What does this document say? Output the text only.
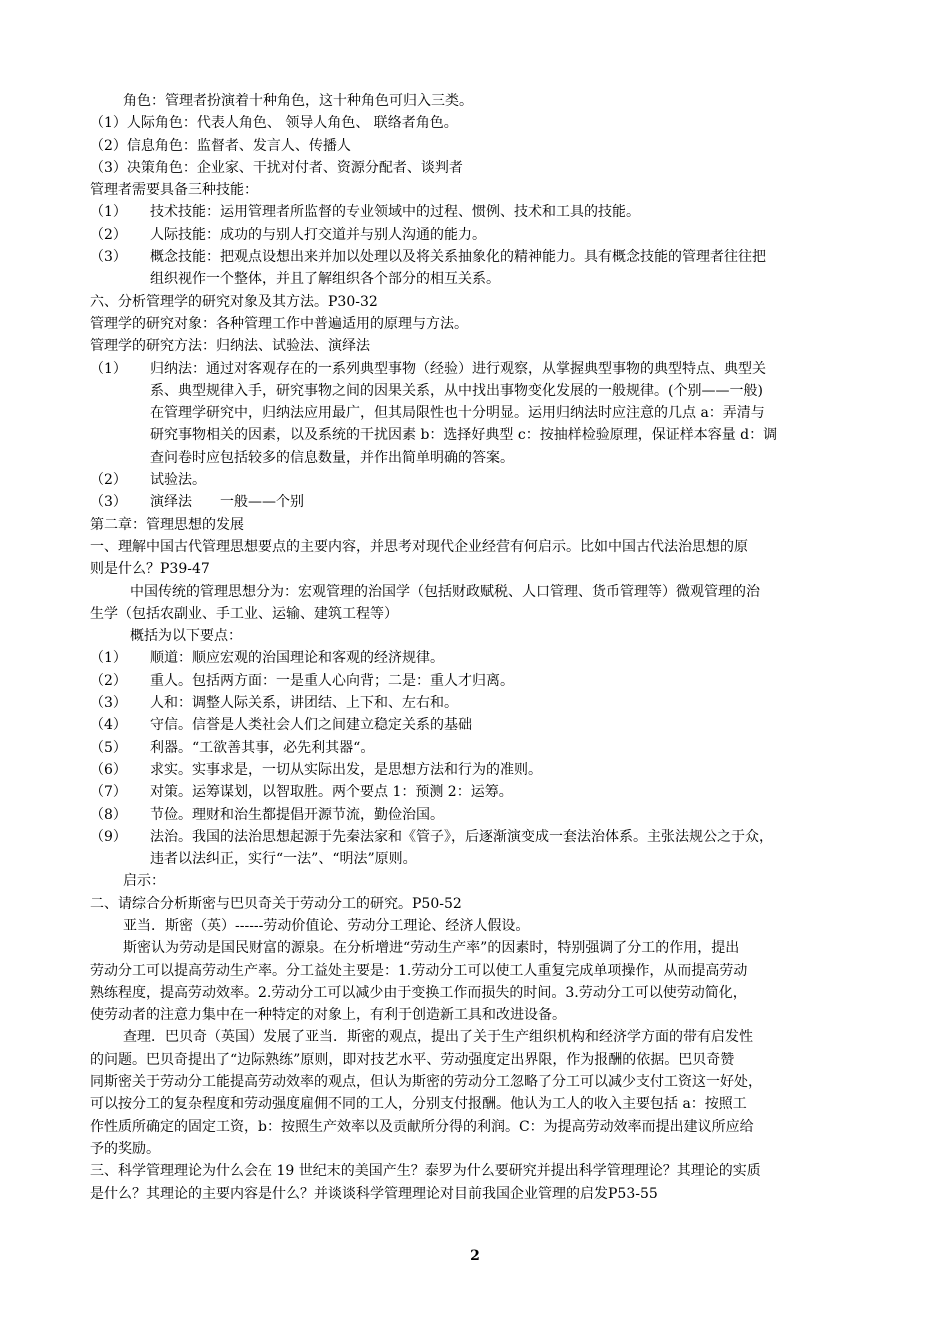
角色：管理者扮演着十种角色，这十种角色可归入三类。

（1）人际角色：代表人角色、 领导人角色、 联络者角色。

（2）信息角色：监督者、发言人、传播人

（3）决策角色：企业家、干扰对付者、资源分配者、谈判者

管理者需要具备三种技能：

（1）	技术技能：运用管理者所监督的专业领域中的过程、惯例、技术和工具的技能。
（2）	人际技能：成功的与别人打交道并与别人沟通的能力。
（3）	概念技能：把观点设想出来并加以处理以及将关系抽象化的精神能力。具有概念技能的管理者往往把
组织视作一个整体，并且了解组织各个部分的相互关系。

六、分析管理学的研究对象及其方法。P30-32

管理学的研究对象：各种管理工作中普遍适用的原理与方法。

管理学的研究方法：归纳法、试验法、演绎法

（1）	归纳法：通过对客观存在的一系列典型事物（经验）进行观察，从掌握典型事物的典型特点、典型关
系、典型规律入手，研究事物之间的因果关系，从中找出事物变化发展的一般规律。(个别——一般)
在管理学研究中，归纳法应用最广，但其局限性也十分明显。运用归纳法时应注意的几点 a：弄清与
研究事物相关的因素，以及系统的干扰因素 b：选择好典型 c：按抽样检验原理，保证样本容量 d：调
查问卷时应包括较多的信息数量，并作出简单明确的答案。
（2）	试验法。
（3）	演绎法　　一般——个别

第二章：管理思想的发展

一、理解中国古代管理思想要点的主要内容，并思考对现代企业经营有何启示。比如中国古代法治思想的原
则是什么？P39-47
中国传统的管理思想分为：宏观管理的治国学（包括财政赋税、人口管理、货币管理等）微观管理的治
生学（包括农副业、手工业、运输、建筑工程等）

概括为以下要点：

（1）	顺道：顺应宏观的治国理论和客观的经济规律。
（2）	重人。包括两方面：一是重人心向背；二是：重人才归离。
（3）	人和：调整人际关系，讲团结、上下和、左右和。
（4）	守信。信誉是人类社会人们之间建立稳定关系的基础
（5）	利器。“工欲善其事，必先利其器“。
（6）	求实。实事求是，一切从实际出发，是思想方法和行为的准则。
（7）	对策。运筹谋划，以智取胜。两个要点 1：预测 2：运筹。
（8）	节俭。理财和治生都提倡开源节流，勤俭治国。
（9）	法治。我国的法治思想起源于先秦法家和《管子》，后逐渐演变成一套法治体系。主张法规公之于众，
违者以法纠正，实行“一法”、“明法”原则。

启示：

二、请综合分析斯密与巴贝奇关于劳动分工的研究。P50-52

亚当．斯密（英）------劳动价值论、劳动分工理论、经济人假设。

斯密认为劳动是国民财富的源泉。在分析增进“劳动生产率”的因素时，特别强调了分工的作用，提出
劳动分工可以提高劳动生产率。分工益处主要是：1.劳动分工可以使工人重复完成单项操作，从而提高劳动
熟练程度，提高劳动效率。2.劳动分工可以减少由于变换工作而损失的时间。3.劳动分工可以使劳动简化，
使劳动者的注意力集中在一种特定的对象上，有利于创造新工具和改进设备。
查理．巴贝奇（英国）发展了亚当．斯密的观点，提出了关于生产组织机构和经济学方面的带有启发性
的问题。巴贝奇提出了“边际熟练”原则，即对技艺水平、劳动强度定出界限，作为报酬的依据。巴贝奇赞
同斯密关于劳动分工能提高劳动效率的观点，但认为斯密的劳动分工忽略了分工可以减少支付工资这一好处，
可以按分工的复杂程度和劳动强度雇佣不同的工人，分别支付报酬。他认为工人的收入主要包括 a：按照工
作性质所确定的固定工资，b：按照生产效率以及贡献所分得的利润。C：为提高劳动效率而提出建议所应给
予的奖励。
三、科学管理理论为什么会在 19 世纪末的美国产生？泰罗为什么要研究并提出科学管理理论？其理论的实质
是什么？其理论的主要内容是什么？并谈谈科学管理理论对目前我国企业管理的启发P53-55
2
